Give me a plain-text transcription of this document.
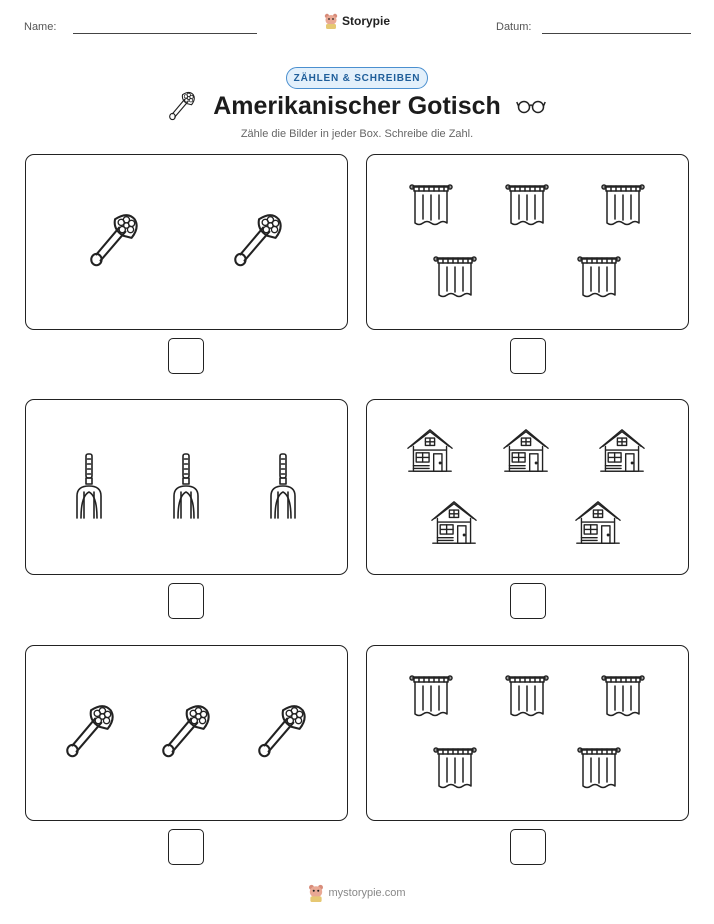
Name:	Storypie	Datum:
ZÄHLEN & SCHREIBEN
Amerikanischer Gotisch
Zähle die Bilder in jeder Box. Schreibe die Zahl.
mystorypie.com
